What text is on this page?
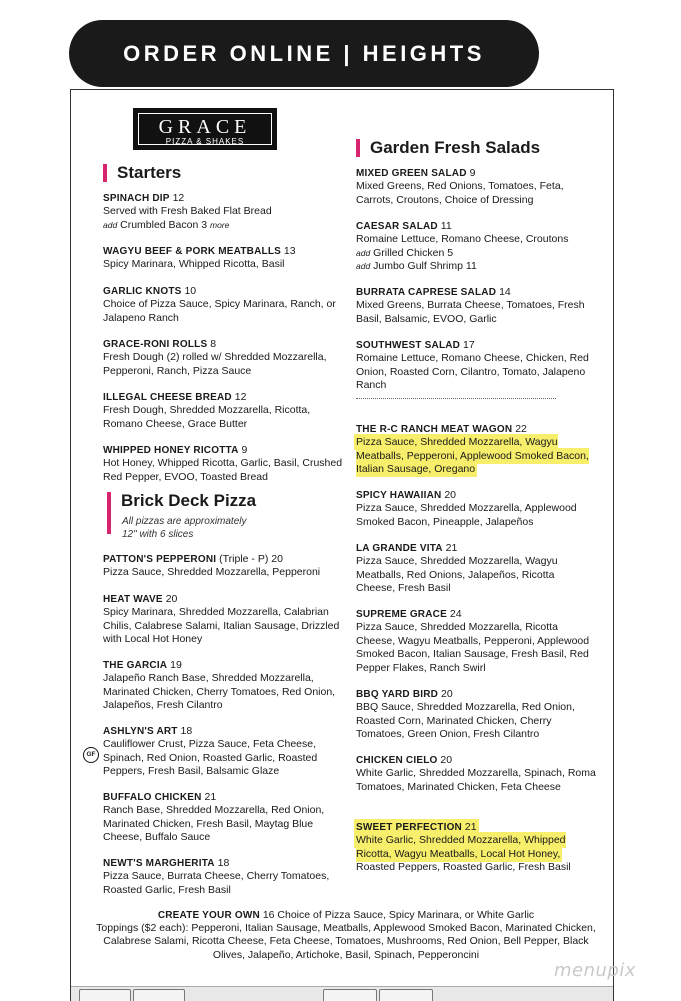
ORDER ONLINE | HEIGHTS
GRACE
PIZZA & SHAKES
Starters
SPINACH DIP 12
Served with Fresh Baked Flat Bread
add Crumbled Bacon 3 more
WAGYU BEEF & PORK MEATBALLS 13
Spicy Marinara, Whipped Ricotta, Basil
GARLIC KNOTS 10
Choice of Pizza Sauce, Spicy Marinara, Ranch, or Jalapeno Ranch
GRACE-RONI ROLLS 8
Fresh Dough (2) rolled w/ Shredded Mozzarella, Pepperoni, Ranch, Pizza Sauce
ILLEGAL CHEESE BREAD 12
Fresh Dough, Shredded Mozzarella, Ricotta, Romano Cheese, Grace Butter
WHIPPED HONEY RICOTTA 9
Hot Honey, Whipped Ricotta, Garlic, Basil, Crushed Red Pepper, EVOO, Toasted Bread
Brick Deck Pizza
All pizzas are approximately 12" with 6 slices
PATTON'S PEPPERONI (Triple - P) 20
Pizza Sauce, Shredded Mozzarella, Pepperoni
HEAT WAVE 20
Spicy Marinara, Shredded Mozzarella, Calabrian Chilis, Calabrese Salami, Italian Sausage, Drizzled with Local Hot Honey
THE GARCIA 19
Jalapeño Ranch Base, Shredded Mozzarella, Marinated Chicken, Cherry Tomatoes, Red Onion, Jalapeños, Fresh Cilantro
GF
ASHLYN'S ART 18
Cauliflower Crust, Pizza Sauce, Feta Cheese, Spinach, Red Onion, Roasted Garlic, Roasted Peppers, Fresh Basil, Balsamic Glaze
BUFFALO CHICKEN 21
Ranch Base, Shredded Mozzarella, Red Onion, Marinated Chicken, Fresh Basil, Maytag Blue Cheese, Buffalo Sauce
NEWT'S MARGHERITA 18
Pizza Sauce, Burrata Cheese, Cherry Tomatoes, Roasted Garlic, Fresh Basil
Garden Fresh Salads
MIXED GREEN SALAD 9
Mixed Greens, Red Onions, Tomatoes, Feta, Carrots, Croutons, Choice of Dressing
CAESAR SALAD 11
Romaine Lettuce, Romano Cheese, Croutons
add Grilled Chicken 5
add Jumbo Gulf Shrimp 11
BURRATA CAPRESE SALAD 14
Mixed Greens, Burrata Cheese, Tomatoes, Fresh Basil, Balsamic, EVOO, Garlic
SOUTHWEST SALAD 17
Romaine Lettuce, Romano Cheese, Chicken, Red Onion, Roasted Corn, Cilantro, Tomato, Jalapeno Ranch
THE R-C RANCH MEAT WAGON 22
Pizza Sauce, Shredded Mozzarella, Wagyu Meatballs, Pepperoni, Applewood Smoked Bacon, Italian Sausage, Oregano
SPICY HAWAIIAN 20
Pizza Sauce, Shredded Mozzarella, Applewood Smoked Bacon, Pineapple, Jalapeños
LA GRANDE VITA 21
Pizza Sauce, Shredded Mozzarella, Wagyu Meatballs, Red Onions, Jalapeños, Ricotta Cheese, Fresh Basil
SUPREME GRACE 24
Pizza Sauce, Shredded Mozzarella, Ricotta Cheese, Wagyu Meatballs, Pepperoni, Applewood Smoked Bacon, Italian Sausage, Fresh Basil, Red Pepper Flakes, Ranch Swirl
BBQ YARD BIRD 20
BBQ Sauce, Shredded Mozzarella, Red Onion, Roasted Corn, Marinated Chicken, Cherry Tomatoes, Green Onion, Fresh Cilantro
CHICKEN CIELO 20
White Garlic, Shredded Mozzarella, Spinach, Roma Tomatoes, Marinated Chicken, Feta Cheese
SWEET PERFECTION 21
White Garlic, Shredded Mozzarella, Whipped Ricotta, Wagyu Meatballs, Local Hot Honey, Roasted Peppers, Roasted Garlic, Fresh Basil
CREATE YOUR OWN 16 Choice of Pizza Sauce, Spicy Marinara, or White Garlic
Toppings ($2 each): Pepperoni, Italian Sausage, Meatballs, Applewood Smoked Bacon, Marinated Chicken, Calabrese Salami, Ricotta Cheese, Feta Cheese, Tomatoes, Mushrooms, Red Onion, Bell Pepper, Black Olives, Jalapeño, Artichoke, Basil, Spinach, Pepperoncini
menupix
